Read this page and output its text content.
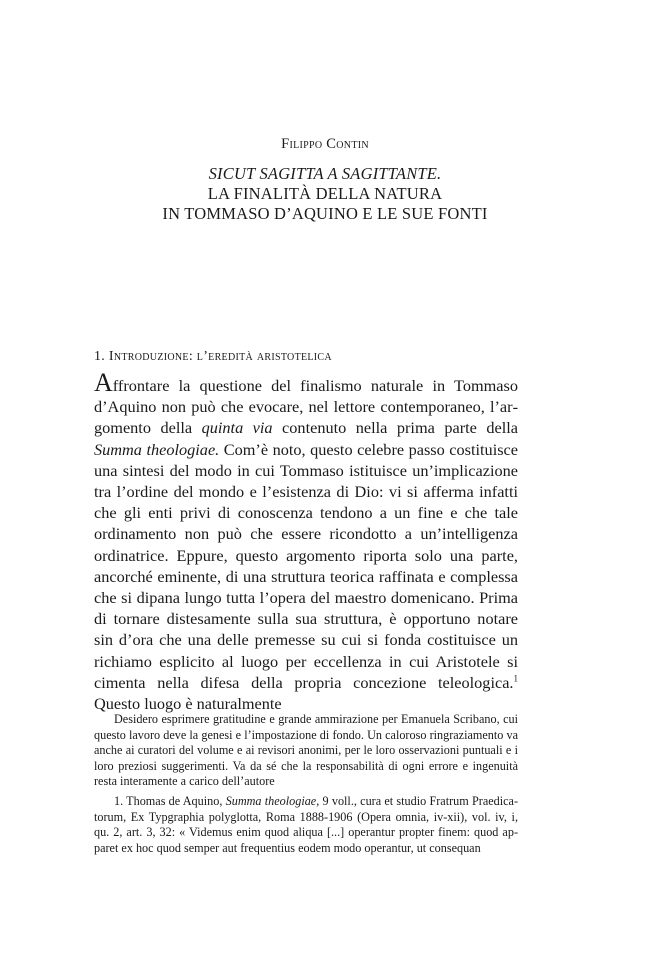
Filippo Contin
SICUT SAGITTA A SAGITTANTE.
LA FINALITÀ DELLA NATURA
IN TOMMASO D’AQUINO E LE SUE FONTI
1. Introduzione: l’eredità aristotelica

Affrontare la questione del finalismo naturale in Tommaso d’Aquino non può che evocare, nel lettore contemporaneo, l’argomento della quinta via contenuto nella prima parte della Summa theologiae. Com’è noto, questo celebre passo costituisce una sintesi del modo in cui Tommaso istituisce un’implicazione tra l’ordine del mondo e l’esistenza di Dio: vi si afferma infatti che gli enti privi di conoscenza tendono a un fine e che tale ordinamento non può che essere ricondotto a un’intelligenza ordinatrice. Eppure, questo argomento riporta solo una parte, ancorché eminente, di una struttura teorica raffinata e complessa che si dipana lungo tutta l’opera del maestro domenicano. Prima di tornare distesamente sulla sua struttura, è opportuno notare sin d’ora che una delle premesse su cui si fonda costituisce un richiamo esplicito al luogo per eccellenza in cui Aristotele si cimenta nella difesa della propria concezione teleologica.$^1$ Questo luogo è naturalmente

Desidero esprimere gratitudine e grande ammirazione per Emanuela Scribano, cui questo lavoro deve la genesi e l’impostazione di fondo. Un caloroso ringraziamento va anche ai curatori del volume e ai revisori anonimi, per le loro osservazioni puntuali e i loro preziosi suggerimenti. Va da sé che la responsabilità di ogni errore e ingenuità resta interamente a carico dell’autore

1. Thomas de Aquino, Summa theologiae, 9 voll., cura et studio Fratrum Praedicatorum, Ex Typgraphia polyglotta, Roma 1888-1906 (Opera omnia, iv-xii), vol. iv, i, qu. 2, art. 3, 32: « Videmus enim quod aliqua [...] operantur propter finem: quod apparet ex hoc quod semper aut frequentius eodem modo operantur, ut consequan
